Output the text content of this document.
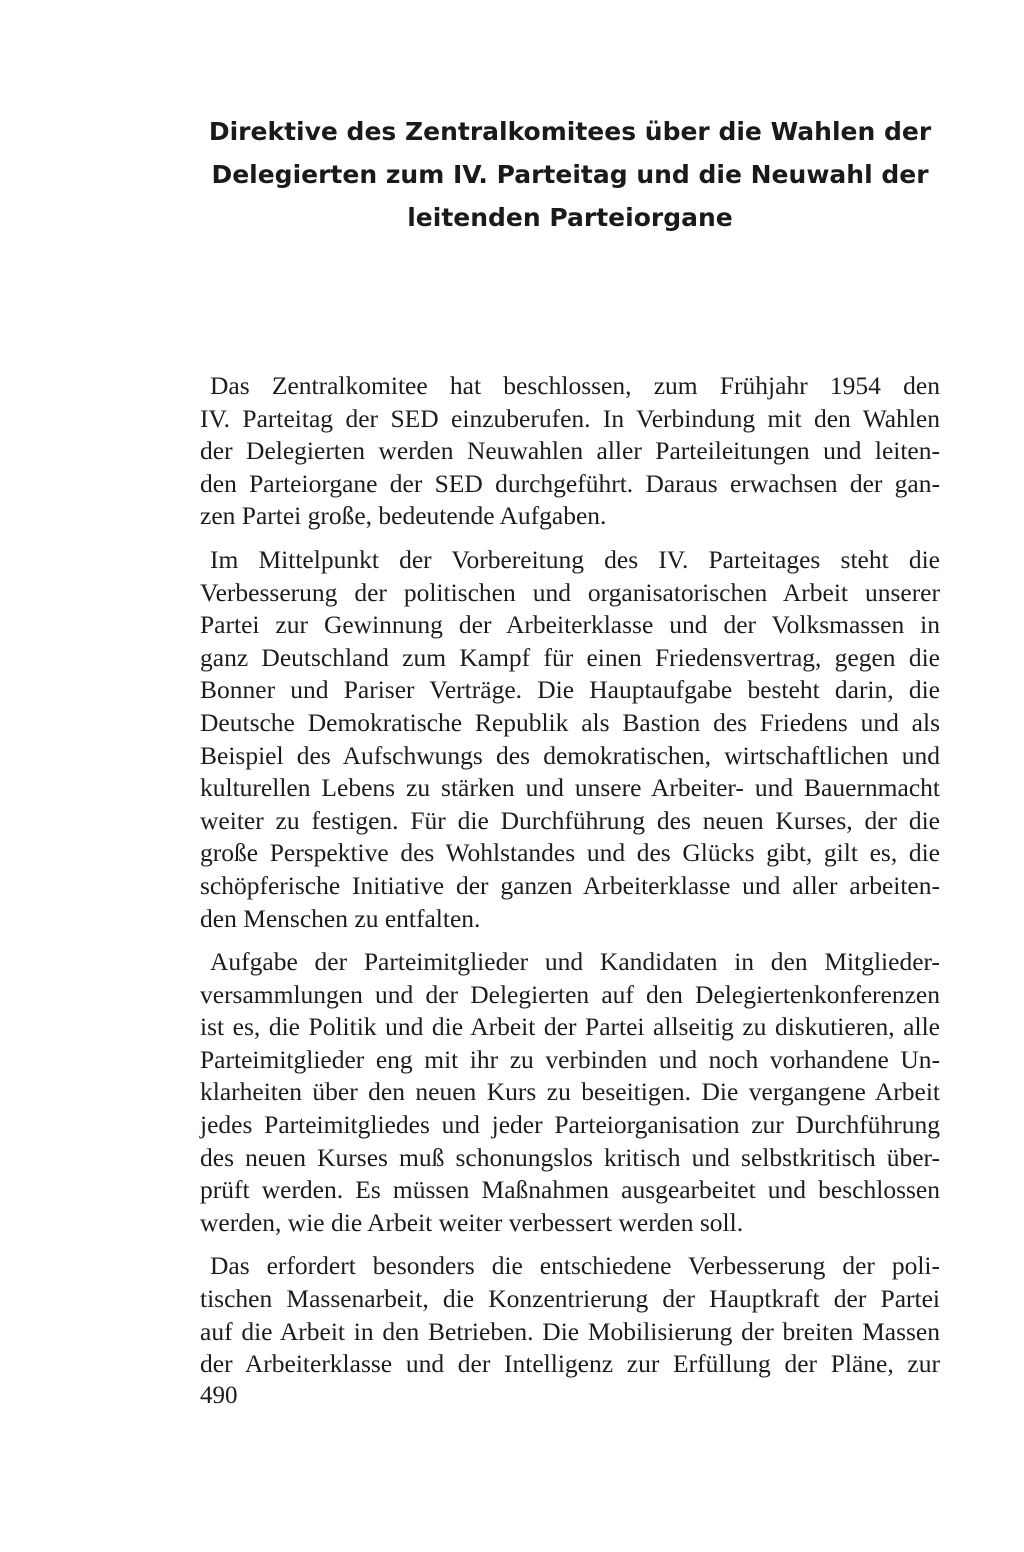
Direktive des Zentralkomitees über die Wahlen der
Delegierten zum IV. Parteitag und die Neuwahl der
leitenden Parteiorgane
Das Zentralkomitee hat beschlossen, zum Frühjahr 1954 den
IV. Parteitag der SED einzuberufen. In Verbindung mit den Wahlen
der Delegierten werden Neuwahlen aller Parteileitungen und leiten-
den Parteiorgane der SED durchgeführt. Daraus erwachsen der gan-
zen Partei große, bedeutende Aufgaben.
Im Mittelpunkt der Vorbereitung des IV. Parteitages steht die
Verbesserung der politischen und organisatorischen Arbeit unserer
Partei zur Gewinnung der Arbeiterklasse und der Volksmassen in
ganz Deutschland zum Kampf für einen Friedensvertrag, gegen die
Bonner und Pariser Verträge. Die Hauptaufgabe besteht darin, die
Deutsche Demokratische Republik als Bastion des Friedens und als
Beispiel des Aufschwungs des demokratischen, wirtschaftlichen und
kulturellen Lebens zu stärken und unsere Arbeiter- und Bauernmacht
weiter zu festigen. Für die Durchführung des neuen Kurses, der die
große Perspektive des Wohlstandes und des Glücks gibt, gilt es, die
schöpferische Initiative der ganzen Arbeiterklasse und aller arbeiten-
den Menschen zu entfalten.
Aufgabe der Parteimitglieder und Kandidaten in den Mitglieder-
versammlungen und der Delegierten auf den Delegiertenkonferenzen
ist es, die Politik und die Arbeit der Partei allseitig zu diskutieren, alle
Parteimitglieder eng mit ihr zu verbinden und noch vorhandene Un-
klarheiten über den neuen Kurs zu beseitigen. Die vergangene Arbeit
jedes Parteimitgliedes und jeder Parteiorganisation zur Durchführung
des neuen Kurses muß schonungslos kritisch und selbstkritisch über-
prüft werden. Es müssen Maßnahmen ausgearbeitet und beschlossen
werden, wie die Arbeit weiter verbessert werden soll.
Das erfordert besonders die entschiedene Verbesserung der poli-
tischen Massenarbeit, die Konzentrierung der Hauptkraft der Partei
auf die Arbeit in den Betrieben. Die Mobilisierung der breiten Massen
der Arbeiterklasse und der Intelligenz zur Erfüllung der Pläne, zur
490
